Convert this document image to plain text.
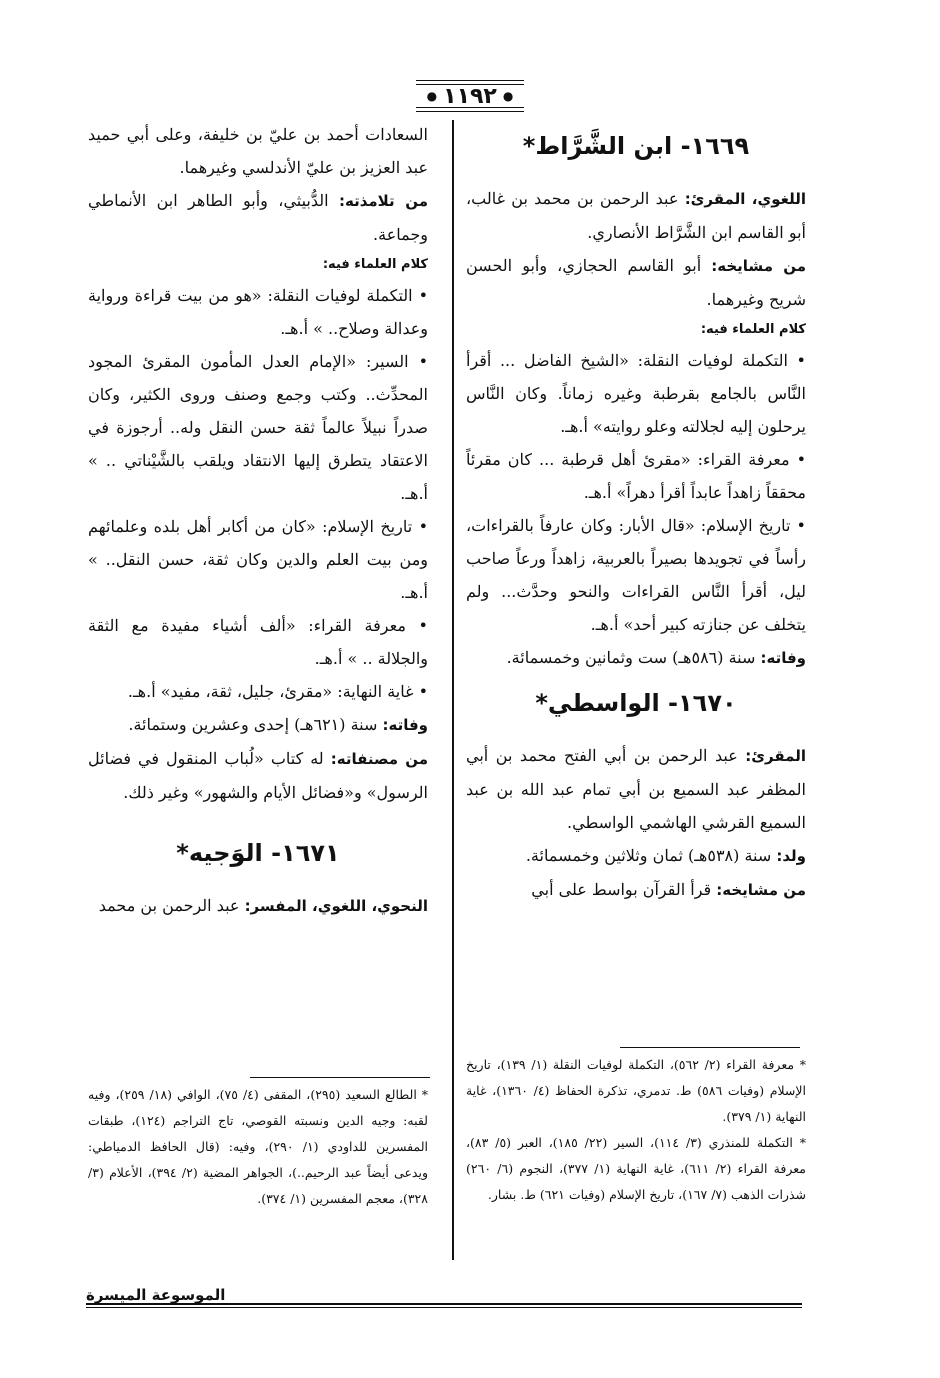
●
١١٩٢
●
١٦٦٩- ابن الشَّرَّاط*

اللغوي، المقرئ: عبد الرحمن بن محمد بن غالب، أبو القاسم ابن الشَّرَّاط الأنصاري.

من مشايخه: أبو القاسم الحجازي، وأبو الحسن شريح وغيرهما.

كلام العلماء فيه:

• التكملة لوفيات النقلة: «الشيخ الفاضل ... أقرأ النَّاس بالجامع بقرطبة وغيره زماناً. وكان النَّاس يرحلون إليه لجلالته وعلو روايته» أ.هـ.

• معرفة القراء: «مقرئ أهل قرطبة ... كان مقرئاً محققاً زاهداً عابداً أقرأ دهراً» أ.هـ.

• تاريخ الإسلام: «قال الأبار: وكان عارفاً بالقراءات، رأساً في تجويدها بصيراً بالعربية، زاهداً ورعاً صاحب ليل، أقرأ النَّاس القراءات والنحو وحدَّث... ولم يتخلف عن جنازته كبير أحد» أ.هـ.

وفاته: سنة (٥٨٦هـ) ست وثمانين وخمسمائة.

١٦٧٠- الواسطي*

المقرئ: عبد الرحمن بن أبي الفتح محمد بن أبي المظفر عبد السميع بن أبي تمام عبد الله بن عبد السميع القرشي الهاشمي الواسطي.

ولد: سنة (٥٣٨هـ) ثمان وثلاثين وخمسمائة.

من مشايخه: قرأ القرآن بواسط على أبي

السعادات أحمد بن عليّ بن خليفة، وعلى أبي حميد عبد العزيز بن عليّ الأندلسي وغيرهما.

من تلامذته: الدُّبيثي، وأبو الطاهر ابن الأنماطي وجماعة.

كلام العلماء فيه:

• التكملة لوفيات النقلة: «هو من بيت قراءة ورواية وعدالة وصلاح.. » أ.هـ.

• السير: «الإمام العدل المأمون المقرئ المجود المحدِّث.. وكتب وجمع وصنف وروى الكثير، وكان صدراً نبيلاً عالماً ثقة حسن النقل وله.. أرجوزة في الاعتقاد يتطرق إليها الانتقاد ويلقب بالشَّيْناتي .. » أ.هـ.

• تاريخ الإسلام: «كان من أكابر أهل بلده وعلمائهم ومن بيت العلم والدين وكان ثقة، حسن النقل.. » أ.هـ.

• معرفة القراء: «ألف أشياء مفيدة مع الثقة والجلالة .. » أ.هـ.

• غاية النهاية: «مقرئ، جليل، ثقة، مفيد» أ.هـ.

وفاته: سنة (٦٢١هـ) إحدى وعشرين وستمائة.

من مصنفاته: له كتاب «لُباب المنقول في فضائل الرسول» و«فضائل الأيام والشهور» وغير ذلك.

١٦٧١- الوَجيه*

النحوي، اللغوي، المفسر: عبد الرحمن بن محمد

* معرفة القراء (٢/ ٥٦٢)، التكملة لوفيات النقلة (١/ ١٣٩)، تاريخ الإسلام (وفيات ٥٨٦) ط. تدمري، تذكرة الحفاظ (٤/ ١٣٦٠)، غاية النهاية (١/ ٣٧٩).

* التكملة للمنذري (٣/ ١١٤)، السير (٢٢/ ١٨٥)، العبر (٥/ ٨٣)، معرفة القراء (٢/ ٦١١)، غاية النهاية (١/ ٣٧٧)، النجوم (٦/ ٢٦٠) شذرات الذهب (٧/ ١٦٧)، تاريخ الإسلام (وفيات ٦٢١) ط. بشار.

* الطالع السعيد (٢٩٥)، المقفى (٤/ ٧٥)، الوافي (١٨/ ٢٥٩)، وفيه لقبه: وجيه الدين ونسبته القوصي، تاج التراجم (١٢٤)، طبقات المفسرين للداودي (١/ ٢٩٠)، وفيه: (قال الحافظ الدمياطي: ويدعى أيضاً عبد الرحيم..)، الجواهر المضية (٢/ ٣٩٤)، الأعلام (٣/ ٣٢٨)، معجم المفسرين (١/ ٣٧٤).

الموسوعة الميسرة
